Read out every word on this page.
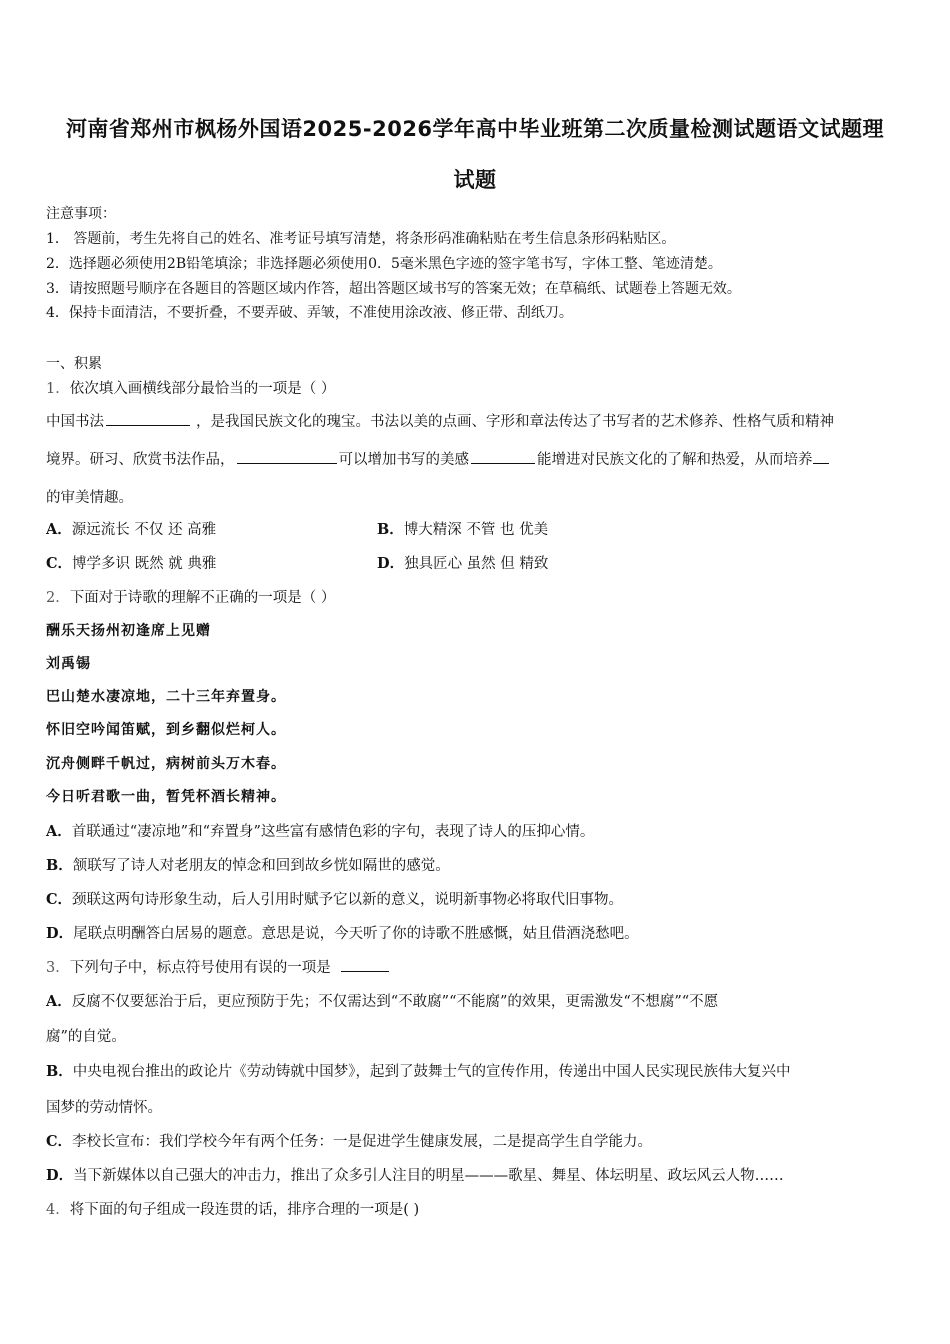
河南省郑州市枫杨外国语2025-2026学年高中毕业班第二次质量检测试题语文试题理
试题
注意事项：
1． 答题前，考生先将自己的姓名、准考证号填写清楚，将条形码准确粘贴在考生信息条形码粘贴区。
2．选择题必须使用2B铅笔填涂；非选择题必须使用0．5毫米黑色字迹的签字笔书写，字体工整、笔迹清楚。
3．请按照题号顺序在各题目的答题区域内作答，超出答题区域书写的答案无效；在草稿纸、试题卷上答题无效。
4．保持卡面清洁，不要折叠，不要弄破、弄皱，不准使用涂改液、修正带、刮纸刀。
一、积累
1．依次填入画横线部分最恰当的一项是（ ）
中国书法	，是我国民族文化的瑰宝。书法以美的点画、字形和章法传达了书写者的艺术修养、性格气质和精神
境界。研习、欣赏书法作品，	可以增加书写的美感	能增进对民族文化的了解和热爱，从而培养
的审美情趣。
A．源远流长 不仅 还 高雅	B．博大精深 不管 也 优美
C．博学多识 既然 就 典雅	D．独具匠心 虽然 但 精致
2．下面对于诗歌的理解不正确的一项是（ ）
酬乐天扬州初逢席上见赠
刘禹锡
巴山楚水凄凉地，二十三年弃置身。
怀旧空吟闻笛赋，到乡翻似烂柯人。
沉舟侧畔千帆过，病树前头万木春。
今日听君歌一曲，暂凭杯酒长精神。
A．首联通过“凄凉地”和“弃置身”这些富有感情色彩的字句，表现了诗人的压抑心情。
B．颔联写了诗人对老朋友的悼念和回到故乡恍如隔世的感觉。
C．颈联这两句诗形象生动，后人引用时赋予它以新的意义，说明新事物必将取代旧事物。
D．尾联点明酬答白居易的题意。意思是说，今天听了你的诗歌不胜感慨，姑且借酒浇愁吧。
3．下列句子中，标点符号使用有误的一项是
A．反腐不仅要惩治于后，更应预防于先；不仅需达到“不敢腐”“不能腐”的效果，更需激发“不想腐”“不愿
腐”的自觉。
B．中央电视台推出的政论片《劳动铸就中国梦》，起到了鼓舞士气的宣传作用，传递出中国人民实现民族伟大复兴中
国梦的劳动情怀。
C．李校长宣布：我们学校今年有两个任务：一是促进学生健康发展，二是提高学生自学能力。
D．当下新媒体以自己强大的冲击力，推出了众多引人注目的明星———歌星、舞星、体坛明星、政坛风云人物……
4．将下面的句子组成一段连贯的话，排序合理的一项是( )
